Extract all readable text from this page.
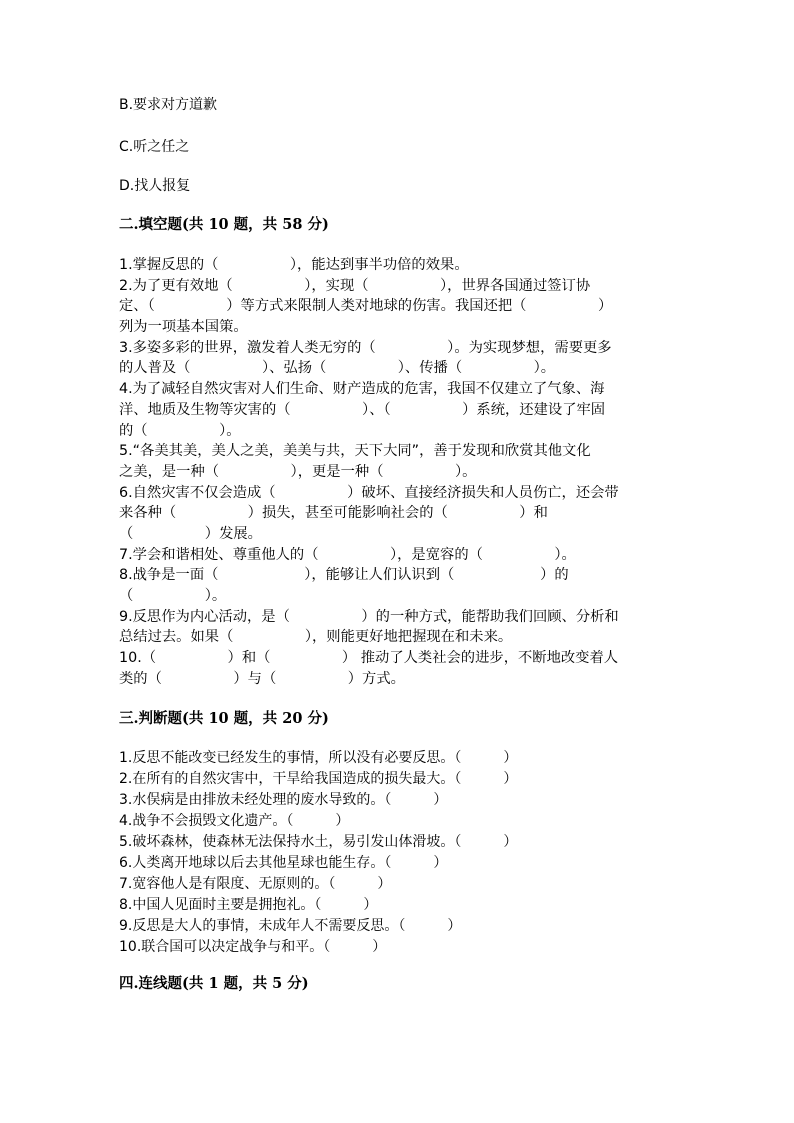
B.要求对方道歉
C.听之任之
D.找人报复
二.填空题(共 10 题，共 58 分)
1.掌握反思的（　　　　　），能达到事半功倍的效果。
2.为了更有效地（　　　　　），实现（　　　　　），世界各国通过签订协
定、（　　　　　）等方式来限制人类对地球的伤害。我国还把（　　　　　）
列为一项基本国策。
3.多姿多彩的世界，激发着人类无穷的（　　　　　）。为实现梦想，需要更多
的人普及（　　　　　）、弘扬（　　　　　）、传播（　　　　　）。
4.为了减轻自然灾害对人们生命、财产造成的危害，我国不仅建立了气象、海
洋、地质及生物等灾害的（　　　　　）、（　　　　　）系统，还建设了牢固
的（　　　　　）。
5.“各美其美，美人之美，美美与共，天下大同”，善于发现和欣赏其他文化
之美，是一种（　　　　　），更是一种（　　　　　）。
6.自然灾害不仅会造成（　　　　　）破坏、直接经济损失和人员伤亡，还会带
来各种（　　　　　）损失，甚至可能影响社会的（　　　　　）和
（　　　　　）发展。
7.学会和谐相处、尊重他人的（　　　　　），是宽容的（　　　　　）。
8.战争是一面（　　　　　　），能够让人们认识到（　　　　　　）的
（　　　　　）。
9.反思作为内心活动，是（　　　　　）的一种方式，能帮助我们回顾、分析和
总结过去。如果（　　　　　），则能更好地把握现在和未来。
10.（　　　　　）和（　　　　　） 推动了人类社会的进步，不断地改变着人
类的（　　　　　）与（　　　　　）方式。
三.判断题(共 10 题，共 20 分)
1.反思不能改变已经发生的事情，所以没有必要反思。（　　　）
2.在所有的自然灾害中，干旱给我国造成的损失最大。（　　　）
3.水俣病是由排放未经处理的废水导致的。（　　　）
4.战争不会损毁文化遗产。（　　　）
5.破坏森林，使森林无法保持水土，易引发山体滑坡。（　　　）
6.人类离开地球以后去其他星球也能生存。（　　　）
7.宽容他人是有限度、无原则的。（　　　）
8.中国人见面时主要是拥抱礼。（　　　）
9.反思是大人的事情，未成年人不需要反思。（　　　）
10.联合国可以决定战争与和平。（　　　）
四.连线题(共 1 题，共 5 分)
